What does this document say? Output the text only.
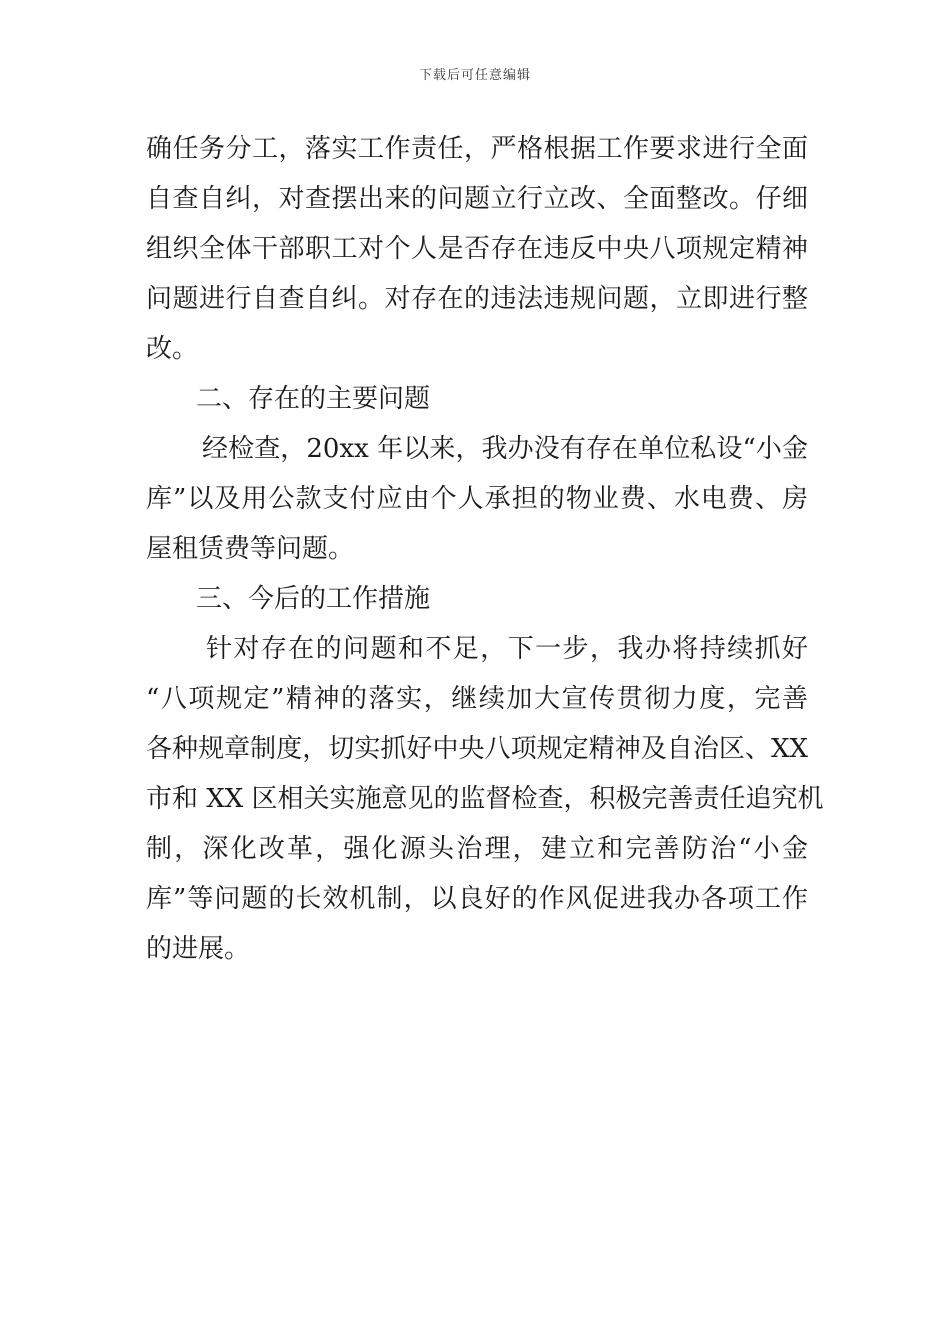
下载后可任意编辑
确任务分工，落实工作责任，严格根据工作要求进行全面
自查自纠，对查摆出来的问题立行立改、全面整改。仔细
组织全体干部职工对个人是否存在违反中央八项规定精神
问题进行自查自纠。对存在的违法违规问题，立即进行整
改。
二、存在的主要问题
经检查，20xx 年以来，我办没有存在单位私设“小金
库”以及用公款支付应由个人承担的物业费、水电费、房
屋租赁费等问题。
三、今后的工作措施
针对存在的问题和不足，下一步，我办将持续抓好
“八项规定”精神的落实，继续加大宣传贯彻力度，完善
各种规章制度，切实抓好中央八项规定精神及自治区、XX
市和 XX 区相关实施意见的监督检查，积极完善责任追究机
制，深化改革，强化源头治理，建立和完善防治“小金
库”等问题的长效机制，以良好的作风促进我办各项工作
的进展。
